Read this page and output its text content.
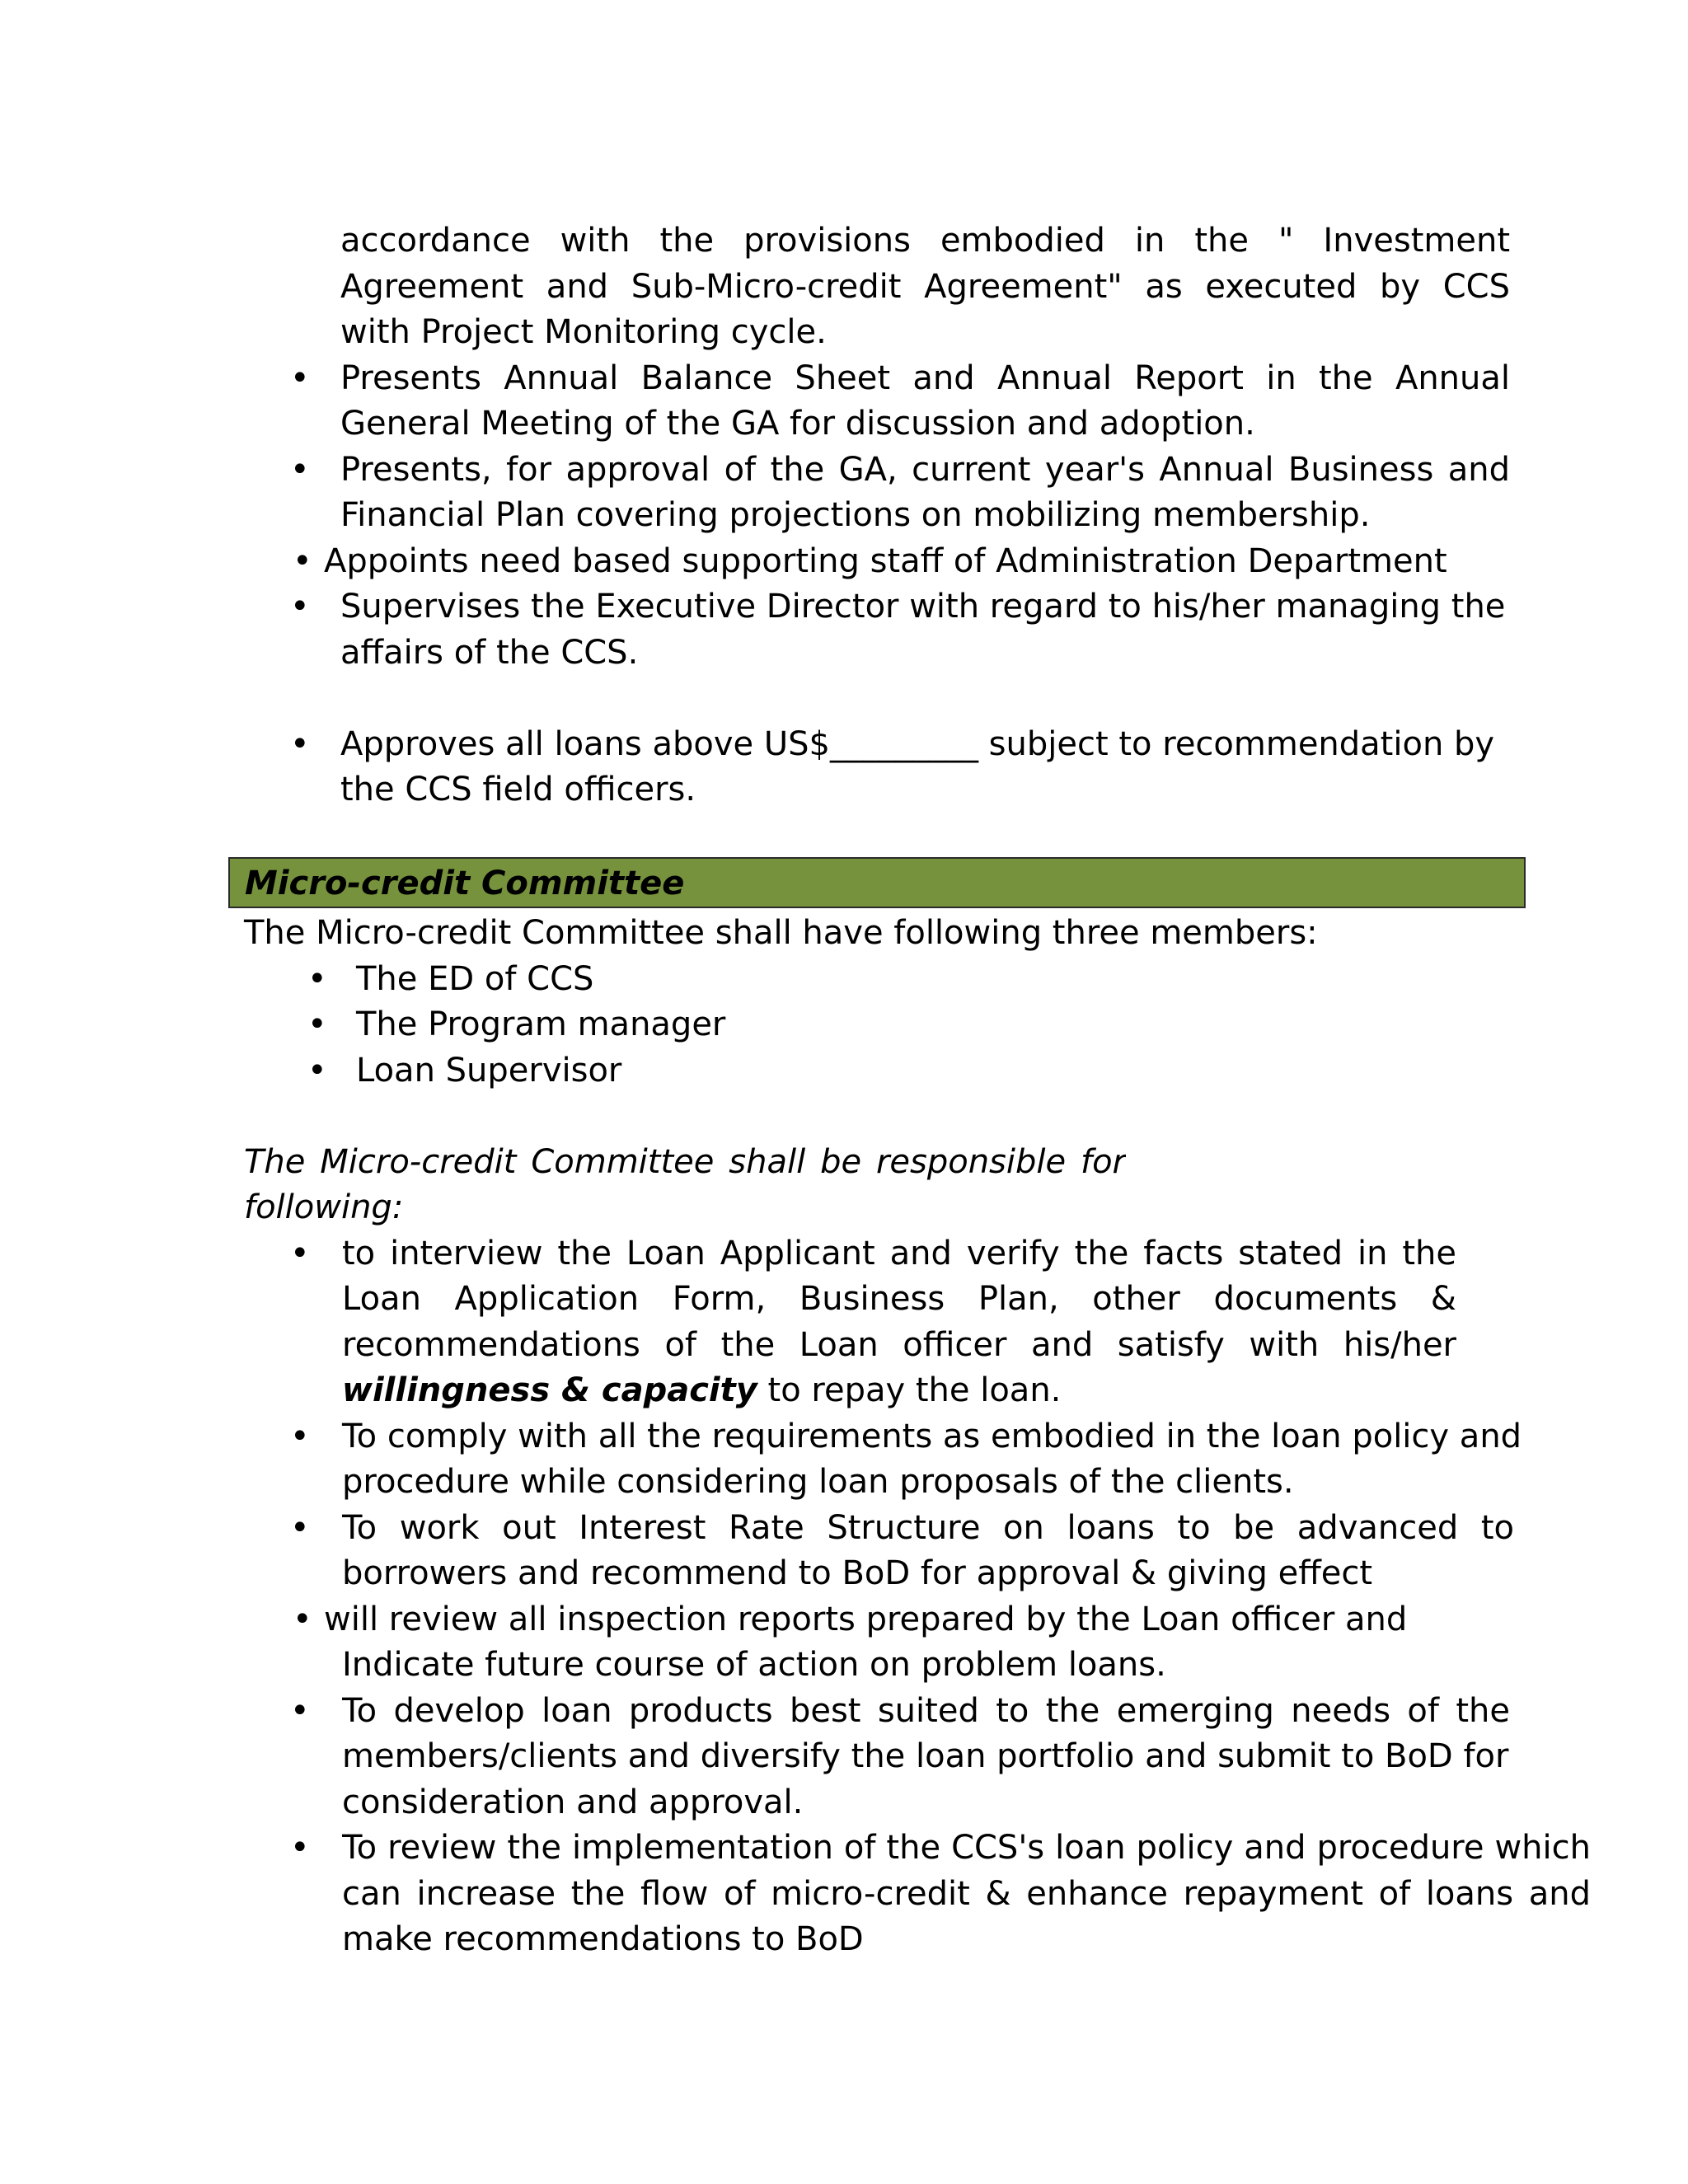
accordance with the provisions embodied in the " Investment
Agreement and Sub-Micro-credit Agreement" as executed by CCS
with Project Monitoring cycle.
• Presents Annual Balance Sheet and Annual Report in the Annual
General Meeting of the GA for discussion and adoption.
• Presents, for approval of the GA, current year's Annual Business and
Financial Plan covering projections on mobilizing membership.
• Appoints need based supporting staff of Administration Department
• Supervises the Executive Director with regard to his/her managing the
affairs of the CCS.
• Approves all loans above US$_________ subject to recommendation by
the CCS field officers.
Micro-credit Committee
The Micro-credit Committee shall have following three members:
• The ED of CCS
• The Program manager
• Loan Supervisor
The Micro-credit Committee shall be responsible for
following:
• to interview the Loan Applicant and verify the facts stated in the
Loan Application Form, Business Plan, other documents &
recommendations of the Loan officer and satisfy with his/her
willingness & capacity to repay the loan.
• To comply with all the requirements as embodied in the loan policy and
procedure while considering loan proposals of the clients.
• To work out Interest Rate Structure on loans to be advanced to
borrowers and recommend to BoD for approval & giving effect
• will review all inspection reports prepared by the Loan officer and
Indicate future course of action on problem loans.
• To develop loan products best suited to the emerging needs of the
members/clients and diversify the loan portfolio and submit to BoD for
consideration and approval.
• To review the implementation of the CCS's loan policy and procedure which
can increase the flow of micro-credit & enhance repayment of loans and
make recommendations to BoD
